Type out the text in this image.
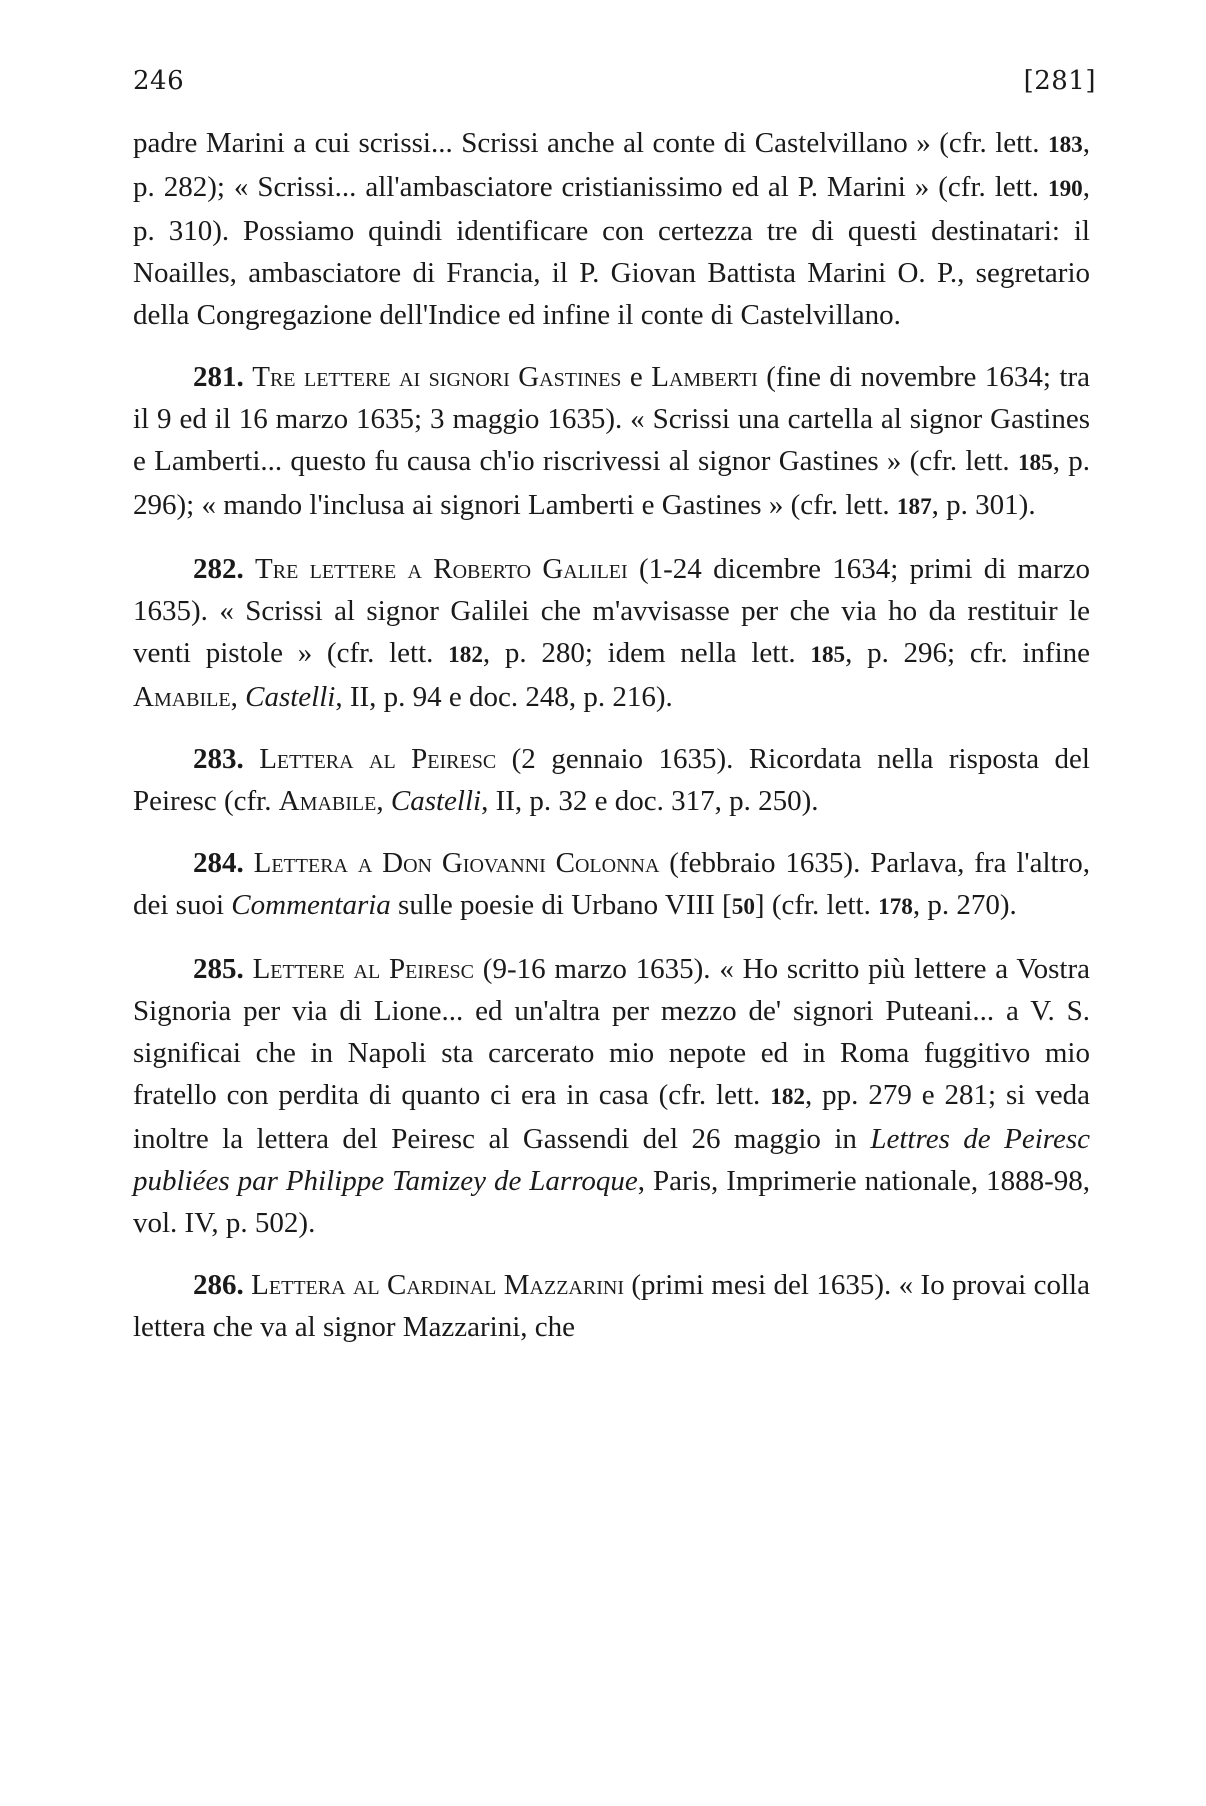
246	[281]

padre Marini a cui scrissi... Scrissi anche al conte di Castelvillano » (cfr. lett. 183, p. 282); « Scrissi... all'ambasciatore cristianissimo ed al P. Marini » (cfr. lett. 190, p. 310). Possiamo quindi identificare con certezza tre di questi destinatari: il Noailles, ambasciatore di Francia, il P. Giovan Battista Marini O. P., segretario della Congregazione dell'Indice ed infine il conte di Castelvillano.

281. Tre lettere ai signori Gastines e Lamberti (fine di novembre 1634; tra il 9 ed il 16 marzo 1635; 3 maggio 1635). « Scrissi una cartella al signor Gastines e Lamberti... questo fu causa ch'io riscrivessi al signor Gastines » (cfr. lett. 185, p. 296); « mando l'inclusa ai signori Lamberti e Gastines » (cfr. lett. 187, p. 301).

282. Tre lettere a Roberto Galilei (1-24 dicembre 1634; primi di marzo 1635). « Scrissi al signor Galilei che m'avvisasse per che via ho da restituir le venti pistole » (cfr. lett. 182, p. 280; idem nella lett. 185, p. 296; cfr. infine Amabile, Castelli, II, p. 94 e doc. 248, p. 216).

283. Lettera al Peiresc (2 gennaio 1635). Ricordata nella risposta del Peiresc (cfr. Amabile, Castelli, II, p. 32 e doc. 317, p. 250).

284. Lettera a Don Giovanni Colonna (febbraio 1635). Parlava, fra l'altro, dei suoi Commentaria sulle poesie di Urbano VIII [50] (cfr. lett. 178, p. 270).

285. Lettere al Peiresc (9-16 marzo 1635). « Ho scritto più lettere a Vostra Signoria per via di Lione... ed un'altra per mezzo de' signori Puteani... a V. S. significai che in Napoli sta carcerato mio nepote ed in Roma fuggitivo mio fratello con perdita di quanto ci era in casa (cfr. lett. 182, pp. 279 e 281; si veda inoltre la lettera del Peiresc al Gassendi del 26 maggio in Lettres de Peiresc publiées par Philippe Tamizey de Larroque, Paris, Imprimerie nationale, 1888-98, vol. IV, p. 502).

286. Lettera al Cardinal Mazzarini (primi mesi del 1635). « Io provai colla lettera che va al signor Mazzarini, che
